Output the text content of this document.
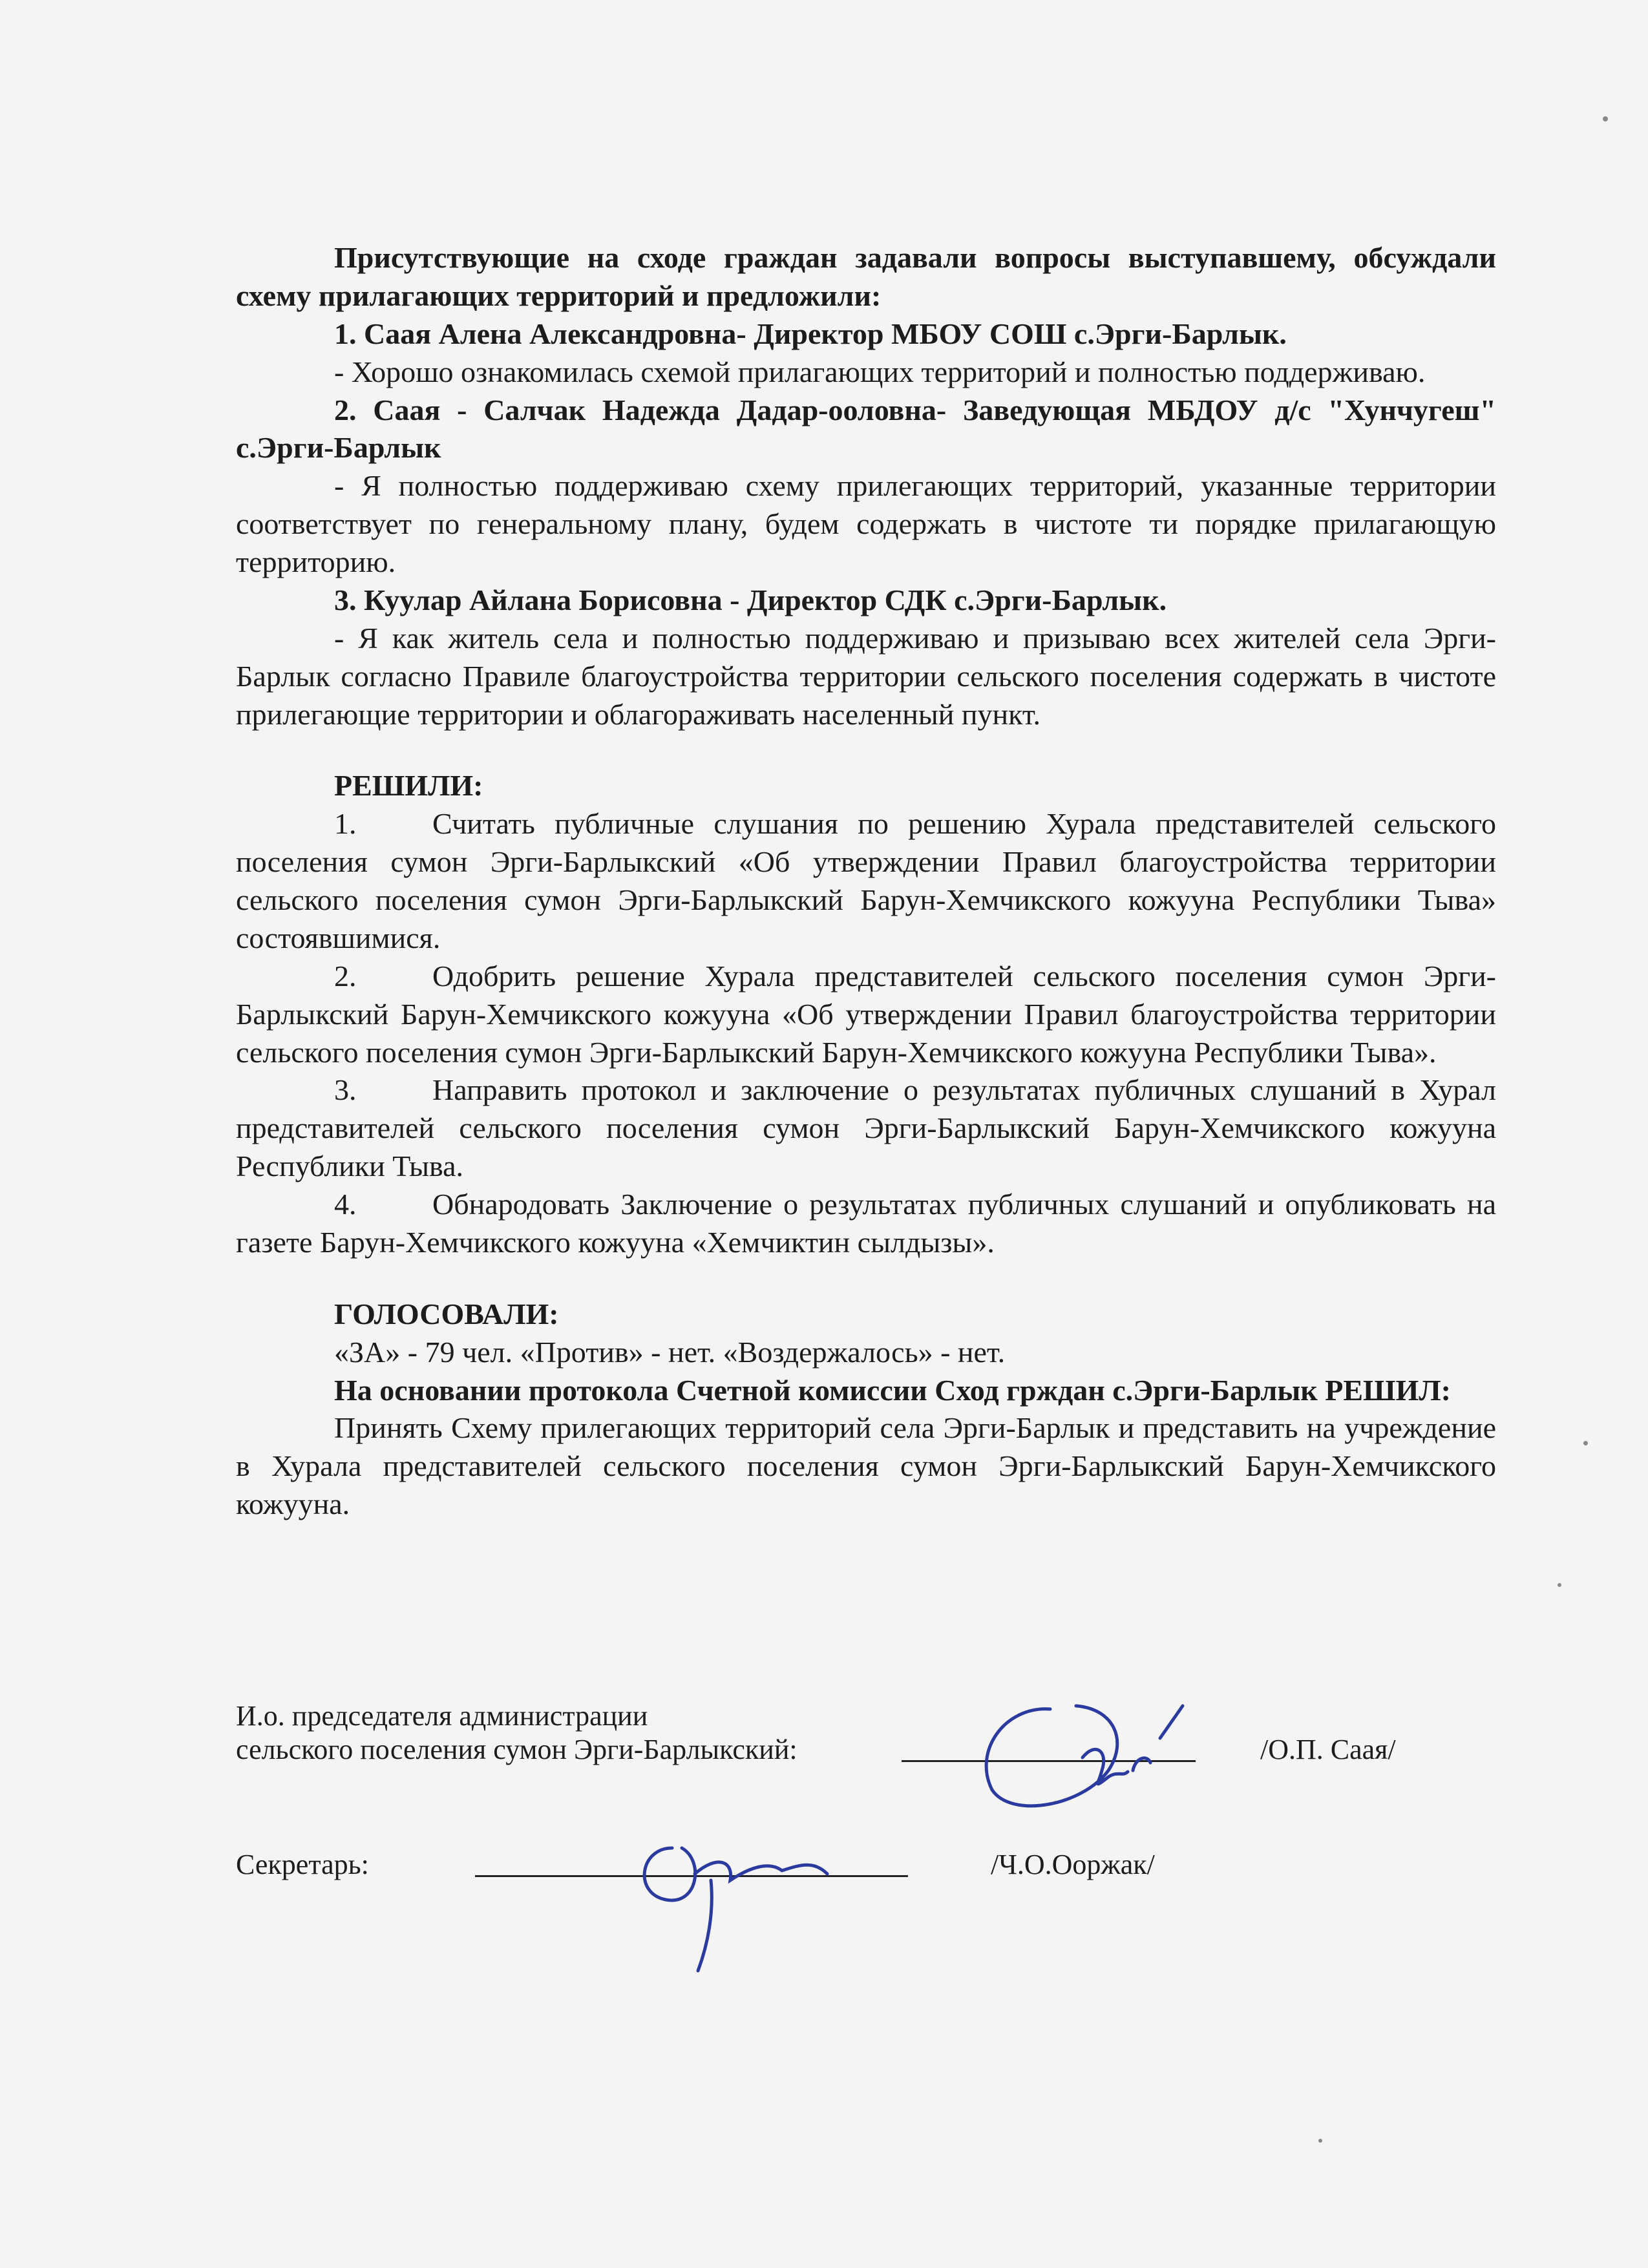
Присутствующие на сходе граждан задавали вопросы выступавшему, обсуждали схему прилагающих территорий и предложили:

1. Саая Алена Александровна- Директор МБОУ СОШ с.Эрги-Барлык.

- Хорошо ознакомилась схемой прилагающих территорий и полностью поддерживаю.

2. Саая - Салчак Надежда Дадар-ооловна- Заведующая МБДОУ д/с "Хунчугеш" с.Эрги-Барлык

- Я полностью поддерживаю схему прилегающих территорий, указанные территории соответствует по генеральному плану, будем содержать в чистоте ти порядке прилагающую территорию.

3. Куулар Айлана Борисовна - Директор СДК с.Эрги-Барлык.

- Я как житель села и полностью поддерживаю и призываю всех жителей села Эрги-Барлык согласно Правиле благоустройства территории сельского поселения содержать в чистоте прилегающие территории и облагораживать населенный пункт.

РЕШИЛИ:

1.	Считать публичные слушания по решению Хурала представителей сельского поселения сумон Эрги-Барлыкский «Об утверждении Правил благоустройства территории сельского поселения сумон Эрги-Барлыкский Барун-Хемчикского кожууна Республики Тыва» состоявшимися.

2.	Одобрить решение Хурала представителей сельского поселения сумон Эрги-Барлыкский Барун-Хемчикского кожууна «Об утверждении Правил благоустройства территории сельского поселения сумон Эрги-Барлыкский Барун-Хемчикского кожууна Республики Тыва».

3.	Направить протокол и заключение о результатах публичных слушаний в Хурал представителей сельского поселения сумон Эрги-Барлыкский Барун-Хемчикского кожууна Республики Тыва.

4.	Обнародовать Заключение о результатах публичных слушаний и опубликовать на газете Барун-Хемчикского кожууна «Хемчиктин сылдызы».

ГОЛОСОВАЛИ:

«ЗА» - 79 чел. «Против» - нет. «Воздержалось» - нет.

На основании протокола Счетной комиссии Сход грждан с.Эрги-Барлык РЕШИЛ:

Принять Схему прилегающих территорий села Эрги-Барлык и представить на учреждение в Хурала представителей сельского поселения сумон Эрги-Барлыкский Барун-Хемчикского кожууна.

И.о. председателя администрации
сельского поселения сумон Эрги-Барлыкский:	/О.П. Саая/
Секретарь:	/Ч.О.Ооржак/
